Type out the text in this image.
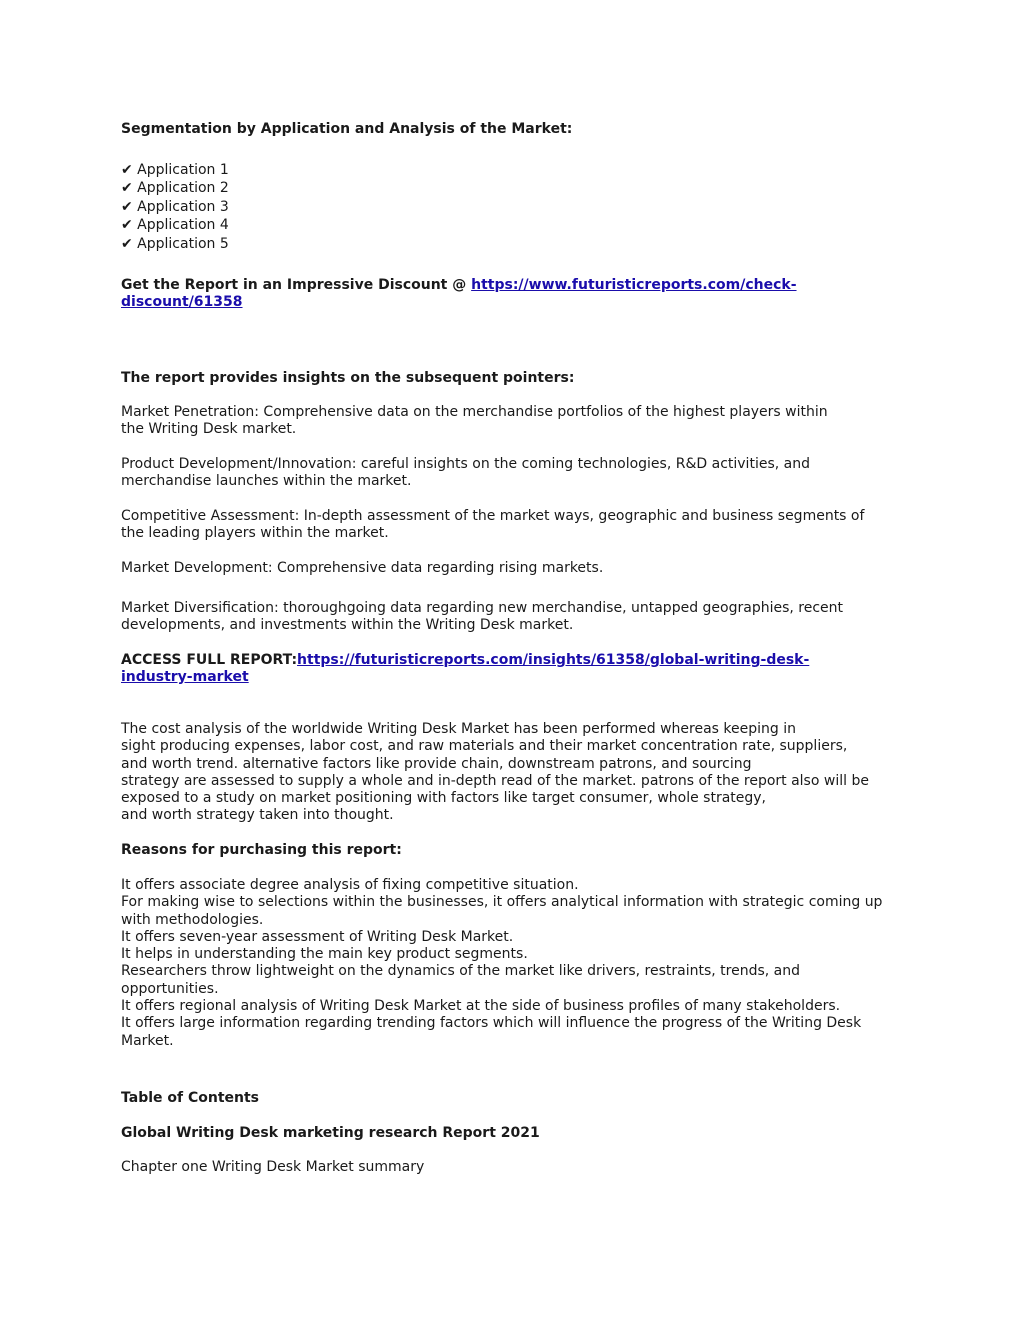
Segmentation by Application and Analysis of the Market:

✔ Application 1
✔ Application 2
✔ Application 3
✔ Application 4
✔ Application 5
Get the Report in an Impressive Discount @ https://www.futuristicreports.com/check-
discount/61358

The report provides insights on the subsequent pointers:

Market Penetration: Comprehensive data on the merchandise portfolios of the highest players within
the Writing Desk market.
Product Development/Innovation: careful insights on the coming technologies, R&D activities, and
merchandise launches within the market.
Competitive Assessment: In-depth assessment of the market ways, geographic and business segments of
the leading players within the market.

Market Development: Comprehensive data regarding rising markets.

Market Diversification: thoroughgoing data regarding new merchandise, untapped geographies, recent
developments, and investments within the Writing Desk market.
ACCESS FULL REPORT:https://futuristicreports.com/insights/61358/global-writing-desk-
industry-market
The cost analysis of the worldwide Writing Desk Market has been performed whereas keeping in
sight producing expenses, labor cost, and raw materials and their market concentration rate, suppliers,
and worth trend. alternative factors like provide chain, downstream patrons, and sourcing
strategy are assessed to supply a whole and in-depth read of the market. patrons of the report also will be
exposed to a study on market positioning with factors like target consumer, whole strategy,
and worth strategy taken into thought.

Reasons for purchasing this report:

It offers associate degree analysis of fixing competitive situation.
For making wise to selections within the businesses, it offers analytical information with strategic coming up
with methodologies.
It offers seven-year assessment of Writing Desk Market.
It helps in understanding the main key product segments.
Researchers throw lightweight on the dynamics of the market like drivers, restraints, trends, and
opportunities.
It offers regional analysis of Writing Desk Market at the side of business profiles of many stakeholders.
It offers large information regarding trending factors which will influence the progress of the Writing Desk
Market.

Table of Contents

Global Writing Desk marketing research Report 2021

Chapter one Writing Desk Market summary
